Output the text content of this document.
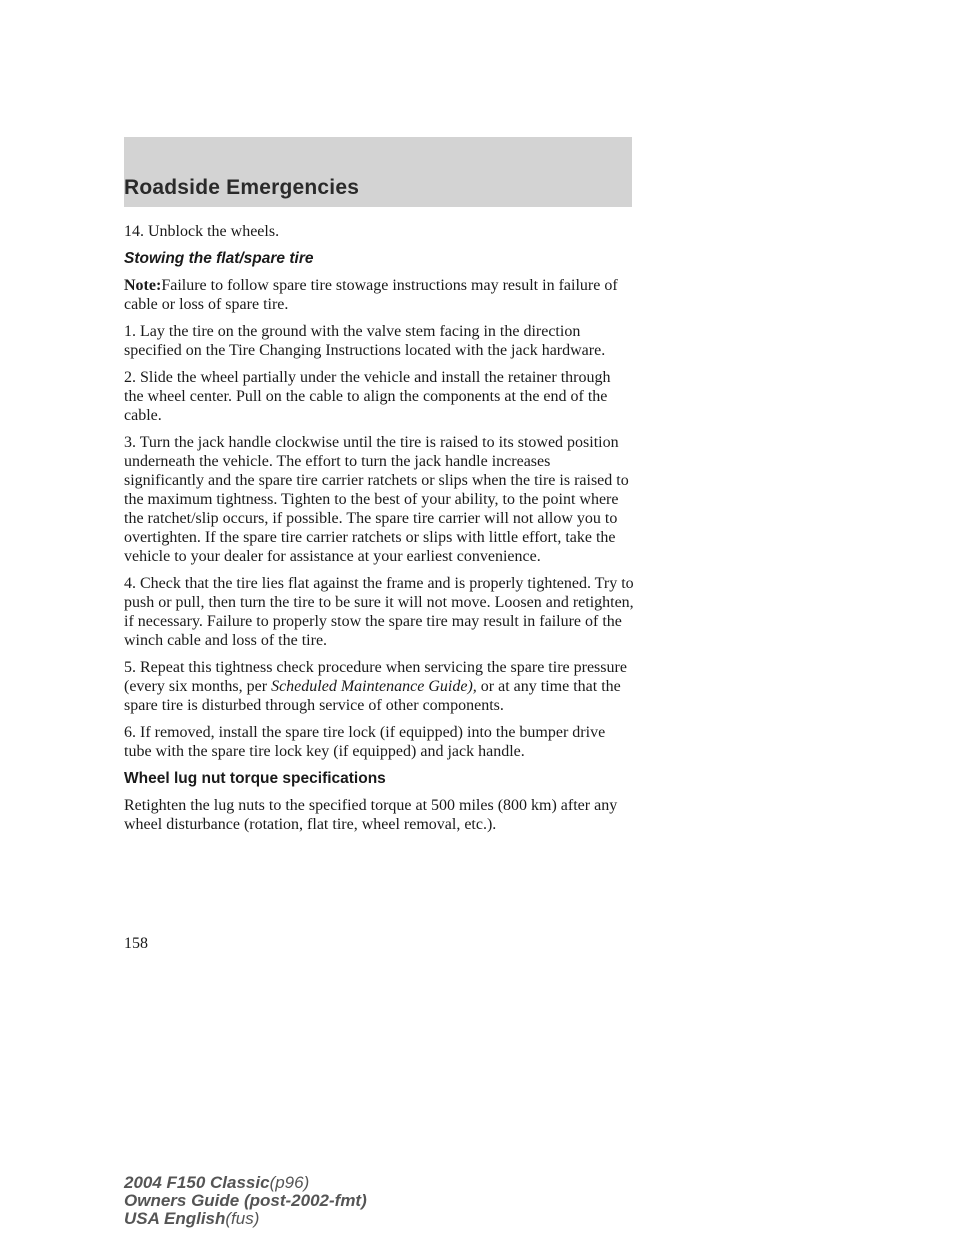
Roadside Emergencies

14. Unblock the wheels.

Stowing the flat/spare tire

Note:Failure to follow spare tire stowage instructions may result in failure of cable or loss of spare tire.

1. Lay the tire on the ground with the valve stem facing in the direction specified on the Tire Changing Instructions located with the jack hardware.

2. Slide the wheel partially under the vehicle and install the retainer through the wheel center. Pull on the cable to align the components at the end of the cable.

3. Turn the jack handle clockwise until the tire is raised to its stowed position underneath the vehicle. The effort to turn the jack handle increases significantly and the spare tire carrier ratchets or slips when the tire is raised to the maximum tightness. Tighten to the best of your ability, to the point where the ratchet/slip occurs, if possible. The spare tire carrier will not allow you to overtighten. If the spare tire carrier ratchets or slips with little effort, take the vehicle to your dealer for assistance at your earliest convenience.

4. Check that the tire lies flat against the frame and is properly tightened. Try to push or pull, then turn the tire to be sure it will not move. Loosen and retighten, if necessary. Failure to properly stow the spare tire may result in failure of the winch cable and loss of the tire.

5. Repeat this tightness check procedure when servicing the spare tire pressure (every six months, per Scheduled Maintenance Guide), or at any time that the spare tire is disturbed through service of other components.

6. If removed, install the spare tire lock (if equipped) into the bumper drive tube with the spare tire lock key (if equipped) and jack handle.

Wheel lug nut torque specifications

Retighten the lug nuts to the specified torque at 500 miles (800 km) after any wheel disturbance (rotation, flat tire, wheel removal, etc.).

158
2004 F150 Classic(p96)
Owners Guide (post-2002-fmt)
USA English(fus)
